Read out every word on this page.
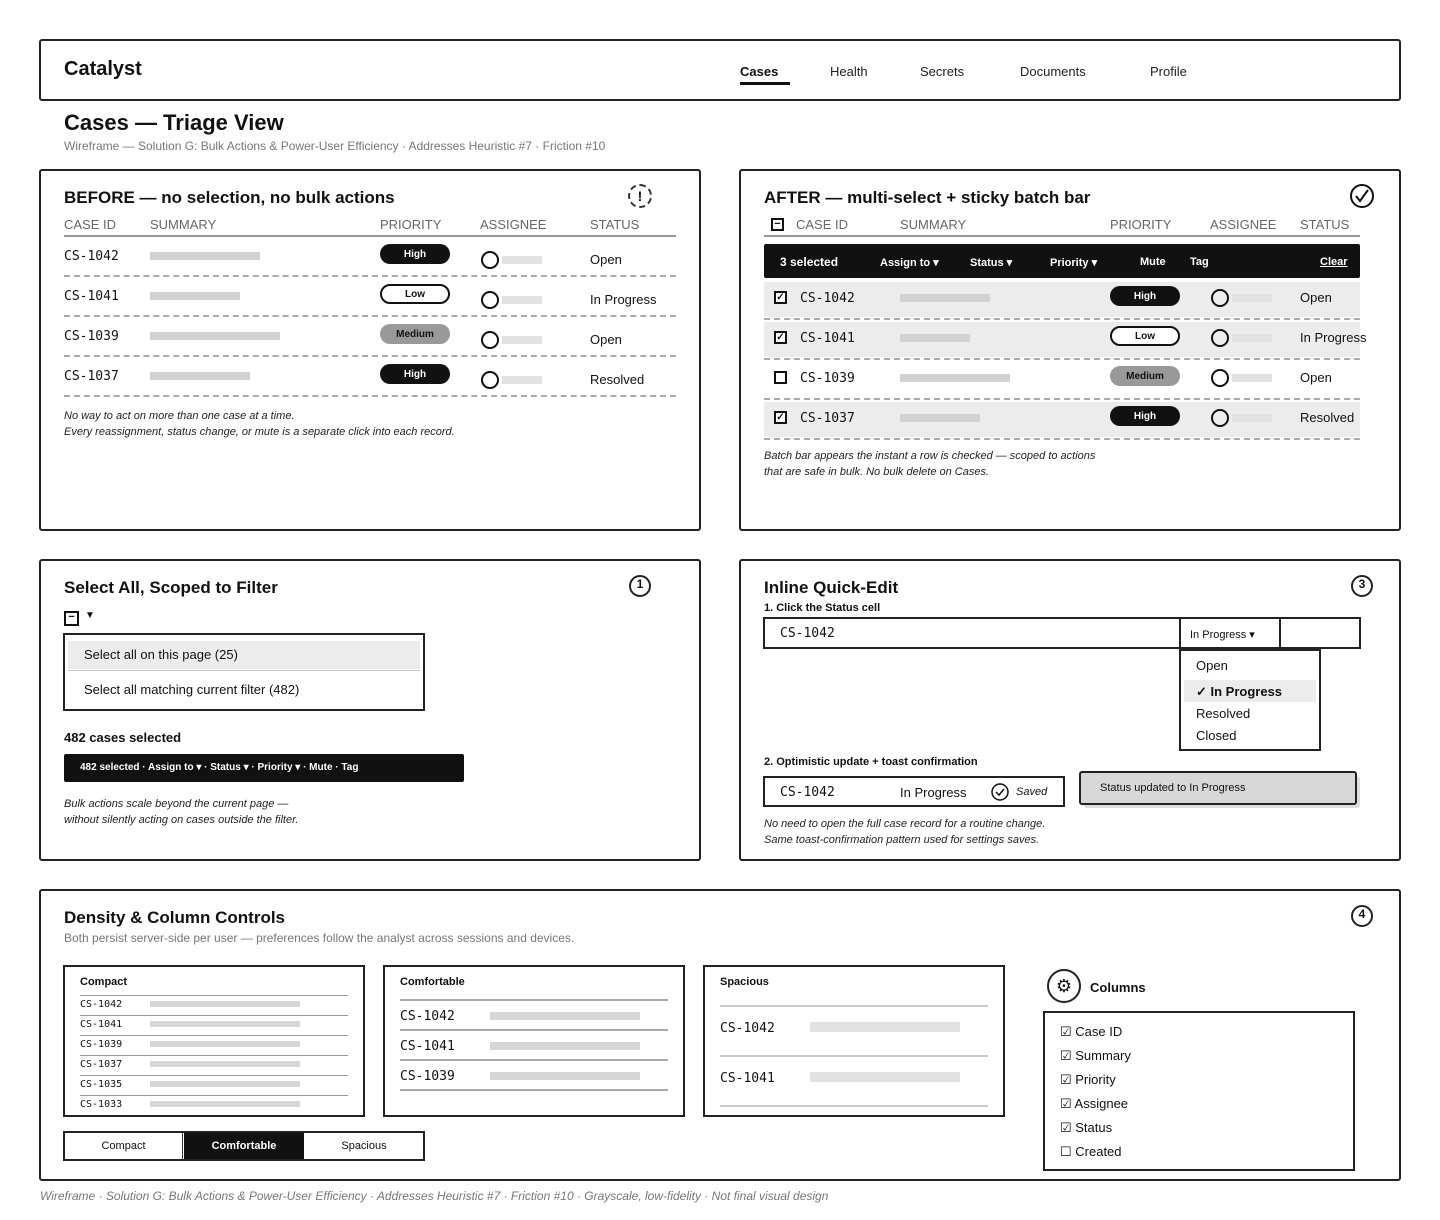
Catalyst	Cases	Health	Secrets	Documents	Profile
Cases — Triage View
Wireframe — Solution G: Bulk Actions & Power-User Efficiency · Addresses Heuristic #7 · Friction #10
BEFORE — no selection, no bulk actions	!
CASE ID	SUMMARY	PRIORITY	ASSIGNEE	STATUS
CS-1042	High	Open
CS-1041	Low	In Progress
CS-1039	Medium	Open
CS-1037	High	Resolved
No way to act on more than one case at a time.
Every reassignment, status change, or mute is a separate click into each record.
AFTER — multi-select + sticky batch bar
− CASE ID	SUMMARY	PRIORITY	ASSIGNEE STATUS
3 selected	Assign to ▾	Status ▾	Priority ▾	Mute Tag	Clear
✓ CS-1042	High	Open
✓ CS-1041	Low	In Progress
CS-1039	Medium	Open
✓ CS-1037	High	Resolved
Batch bar appears the instant a row is checked — scoped to actions
that are safe in bulk. No bulk delete on Cases.
Select All, Scoped to Filter	1
−	▼
Select all on this page (25)
Select all matching current filter (482)
482 cases selected
482 selected · Assign to ▾ · Status ▾ · Priority ▾ · Mute · Tag
Bulk actions scale beyond the current page —
without silently acting on cases outside the filter.
Inline Quick-Edit	3
1. Click the Status cell
CS-1042	In Progress ▾
Open
✓ In Progress
Resolved
Closed
2. Optimistic update + toast confirmation
CS-1042	In Progress	Saved	Status updated to In Progress
No need to open the full case record for a routine change.
Same toast-confirmation pattern used for settings saves.
Density & Column Controls	4
Both persist server-side per user — preferences follow the analyst across sessions and devices.
Compact
CS-1042
CS-1041
CS-1039
CS-1037
CS-1035
CS-1033
Comfortable
CS-1042
CS-1041
CS-1039
Spacious
CS-1042
CS-1041
Compact	Comfortable	Spacious
⚙	Columns
☑ Case ID
☑ Summary
☑ Priority
☑ Assignee
☑ Status
☐ Created
Wireframe · Solution G: Bulk Actions & Power-User Efficiency · Addresses Heuristic #7 · Friction #10 · Grayscale, low-fidelity · Not final visual design
